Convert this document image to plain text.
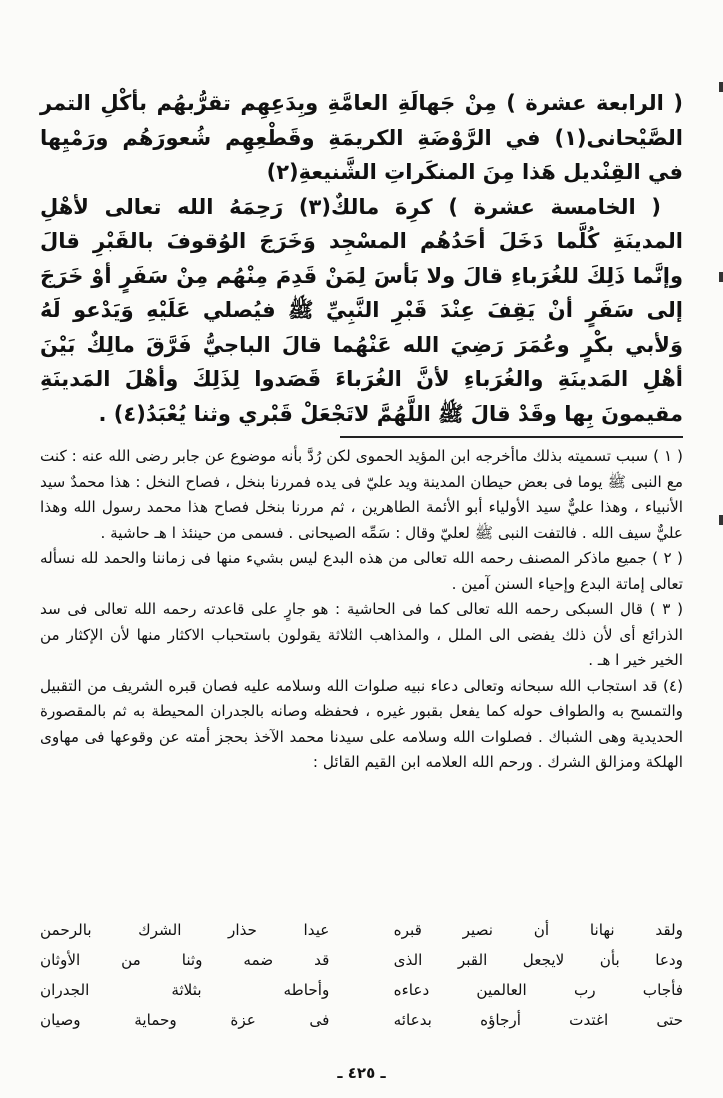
( الرابعة عشرة ) مِنْ جَهالَةِ العامَّةِ وبِدَعِهِم تقرُّبهُم بأكْلِ التمر الصَّيْحانى(١) في الرَّوْضَةِ الكريمَةِ وقَطْعِهِم شُعورَهُم ورَمْيِها في القِنْديل هَذا مِنَ المنكَراتِ الشَّنيعةِ(٢)

( الخامسة عشرة ) كرِهَ مالكٌ(٣) رَحِمَهُ الله تعالى لأهْلِ المدينَةِ كُلَّما دَخَلَ أحَدُهُم المسْجِد وَخَرَجَ الوُقوفَ بالقَبْرِ قالَ وإنَّما ذَلِكَ للغُرَباءِ قالَ ولا بَأسَ لِمَنْ قَدِمَ مِنْهُم مِنْ سَفَرٍ أوْ خَرَجَ إلى سَفَرٍ أنْ يَقِفَ عِنْدَ قَبْرِ النَّبِيِّ ﷺ فيُصلي عَلَيْهِ وَيَدْعو لَهُ وَلأبي بكْرٍ وعُمَرَ رَضِيَ الله عَنْهُما قالَ الباجيُّ فَرَّقَ مالِكٌ بَيْنَ أهْلِ المَدينَةِ والغُرَباءِ لأنَّ الغُرَباءَ قَصَدوا لِذَلِكَ وأهْلَ المَدينَةِ مقيمونَ بِها وقَدْ قالَ ﷺ اللَّهُمَّ لاتَجْعَلْ قَبْري وثنا يُعْبَدُ(٤) .

( ١ ) سبب تسميته بذلك ماأخرجه ابن المؤيد الحموى لكن رُدَّ بأنه موضوع عن جابر رضى الله عنه : كنت مع النبى ﷺ يوما فى بعض حيطان المدينة ويد عليّ فى يده فمررنا بنخل ، فصاح النخل : هذا محمدٌ سيد الأنبياء ، وهذا عليٌّ سيد الأولياء أبو الأئمة الطاهرين ، ثم مررنا بنخل فصاح هذا محمد رسول الله وهذا عليٌّ سيف الله . فالتفت النبى ﷺ لعليّ وقال : سَمِّه الصيحانى . فسمى من حينئذ ا هـ حاشية .

( ٢ ) جميع ماذكر المصنف رحمه الله تعالى من هذه البدع ليس بشيء منها فى زماننا والحمد لله نسأله تعالى إماتة البدع وإحياء السنن آمين .

( ٣ ) قال السبكى رحمه الله تعالى كما فى الحاشية : هو جارٍ على قاعدته رحمه الله تعالى فى سد الذرائع أى لأن ذلك يفضى الى الملل ، والمذاهب الثلاثة يقولون باستحباب الاكثار منها لأن الإكثار من الخير خير ا هـ .

(٤) قد استجاب الله سبحانه وتعالى دعاء نبيه صلوات الله وسلامه عليه فصان قبره الشريف من التقبيل والتمسح به والطواف حوله كما يفعل بقبور غيره ، فحفظه وصانه بالجدران المحيطة به ثم بالمقصورة الحديدية وهى الشباك . فصلوات الله وسلامه على سيدنا محمد الآخذ بحجز أمته عن وقوعها فى مهاوى الهلكة ومزالق الشرك . ورحم الله العلامه ابن القيم القائل :

ولقد نهانا أن نصير قبره
عيدا حذار الشرك بالرحمن
ودعا بأن لايجعل القبر الذى
قد ضمه وثنا من الأوثان
فأجاب رب العالمين دعاءه
وأحاطه بثلاثة الجدران
حتى اغتدت أرجاؤه بدعائه
فى عزة وحماية وصيان
ـ ٤٢٥ ـ
